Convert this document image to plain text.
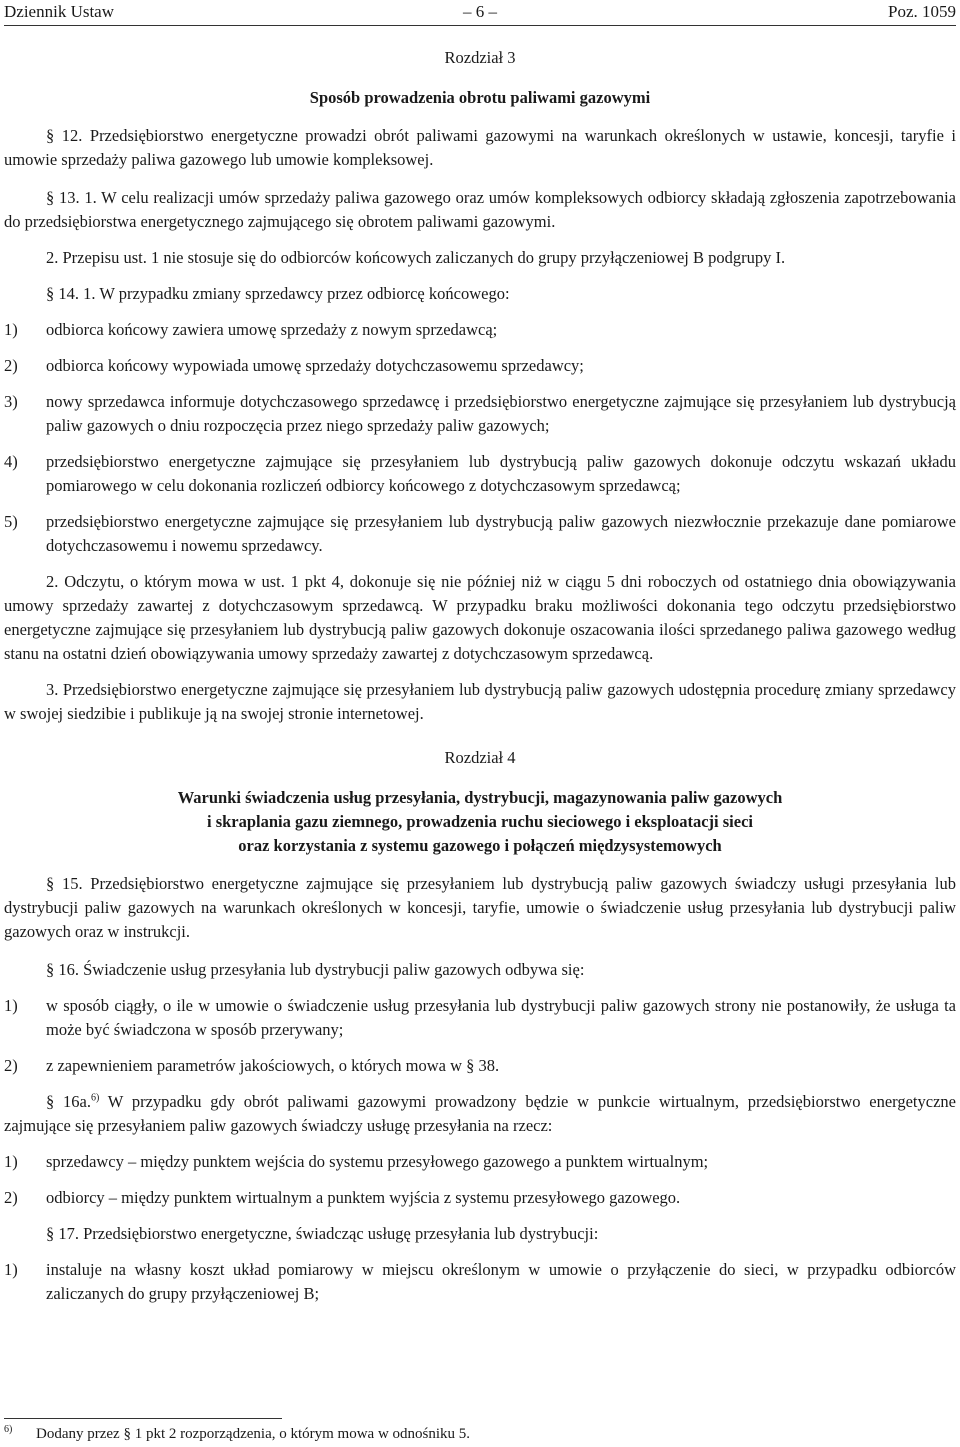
Dziennik Ustaw	– 6 –	Poz. 1059

Rozdział 3

Sposób prowadzenia obrotu paliwami gazowymi

§ 12. Przedsiębiorstwo energetyczne prowadzi obrót paliwami gazowymi na warunkach określonych w ustawie, koncesji, taryfie i umowie sprzedaży paliwa gazowego lub umowie kompleksowej.

§ 13. 1. W celu realizacji umów sprzedaży paliwa gazowego oraz umów kompleksowych odbiorcy składają zgłoszenia zapotrzebowania do przedsiębiorstwa energetycznego zajmującego się obrotem paliwami gazowymi.

2. Przepisu ust. 1 nie stosuje się do odbiorców końcowych zaliczanych do grupy przyłączeniowej B podgrupy I.

§ 14. 1. W przypadku zmiany sprzedawcy przez odbiorcę końcowego:

1)	odbiorca końcowy zawiera umowę sprzedaży z nowym sprzedawcą;
2)	odbiorca końcowy wypowiada umowę sprzedaży dotychczasowemu sprzedawcy;
3)	nowy sprzedawca informuje dotychczasowego sprzedawcę i przedsiębiorstwo energetyczne zajmujące się przesyłaniem lub dystrybucją paliw gazowych o dniu rozpoczęcia przez niego sprzedaży paliw gazowych;
4)	przedsiębiorstwo energetyczne zajmujące się przesyłaniem lub dystrybucją paliw gazowych dokonuje odczytu wskazań układu pomiarowego w celu dokonania rozliczeń odbiorcy końcowego z dotychczasowym sprzedawcą;
5)	przedsiębiorstwo energetyczne zajmujące się przesyłaniem lub dystrybucją paliw gazowych niezwłocznie przekazuje dane pomiarowe dotychczasowemu i nowemu sprzedawcy.

2. Odczytu, o którym mowa w ust. 1 pkt 4, dokonuje się nie później niż w ciągu 5 dni roboczych od ostatniego dnia obowiązywania umowy sprzedaży zawartej z dotychczasowym sprzedawcą. W przypadku braku możliwości dokonania tego odczytu przedsiębiorstwo energetyczne zajmujące się przesyłaniem lub dystrybucją paliw gazowych dokonuje oszacowania ilości sprzedanego paliwa gazowego według stanu na ostatni dzień obowiązywania umowy sprzedaży zawartej z dotychczasowym sprzedawcą.

3. Przedsiębiorstwo energetyczne zajmujące się przesyłaniem lub dystrybucją paliw gazowych udostępnia procedurę zmiany sprzedawcy w swojej siedzibie i publikuje ją na swojej stronie internetowej.

Rozdział 4

Warunki świadczenia usług przesyłania, dystrybucji, magazynowania paliw gazowych

i skraplania gazu ziemnego, prowadzenia ruchu sieciowego i eksploatacji sieci

oraz korzystania z systemu gazowego i połączeń międzysystemowych

§ 15. Przedsiębiorstwo energetyczne zajmujące się przesyłaniem lub dystrybucją paliw gazowych świadczy usługi przesyłania lub dystrybucji paliw gazowych na warunkach określonych w koncesji, taryfie, umowie o świadczenie usług przesyłania lub dystrybucji paliw gazowych oraz w instrukcji.

§ 16. Świadczenie usług przesyłania lub dystrybucji paliw gazowych odbywa się:

1)	w sposób ciągły, o ile w umowie o świadczenie usług przesyłania lub dystrybucji paliw gazowych strony nie postanowiły, że usługa ta może być świadczona w sposób przerywany;
2)	z zapewnieniem parametrów jakościowych, o których mowa w § 38.

§ 16a.$^{6)}$ W przypadku gdy obrót paliwami gazowymi prowadzony będzie w punkcie wirtualnym, przedsiębiorstwo energetyczne zajmujące się przesyłaniem paliw gazowych świadczy usługę przesyłania na rzecz:

1)	sprzedawcy – między punktem wejścia do systemu przesyłowego gazowego a punktem wirtualnym;
2)	odbiorcy – między punktem wirtualnym a punktem wyjścia z systemu przesyłowego gazowego.

§ 17. Przedsiębiorstwo energetyczne, świadcząc usługę przesyłania lub dystrybucji:

1)	instaluje na własny koszt układ pomiarowy w miejscu określonym w umowie o przyłączenie do sieci, w przypadku odbiorców zaliczanych do grupy przyłączeniowej B;
6) Dodany przez § 1 pkt 2 rozporządzenia, o którym mowa w odnośniku 5.
